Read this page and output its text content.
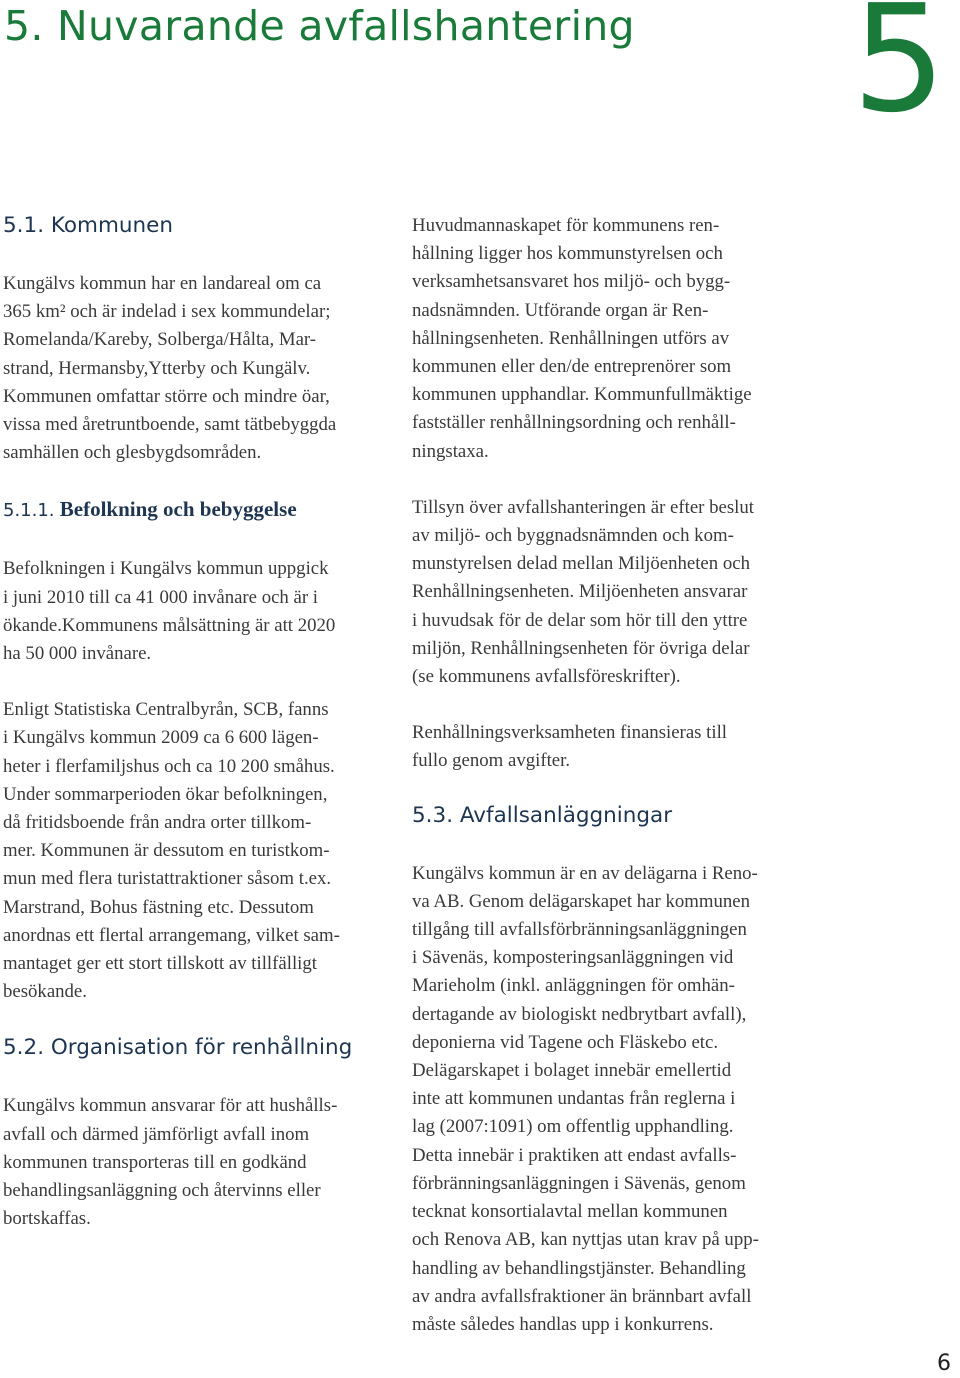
5. Nuvarande avfallshantering 5
5.1. Kommunen

Kungälvs kommun har en landareal om ca
365 km² och är indelad i sex kommundelar;
Romelanda/Kareby, Solberga/Hålta, Mar-
strand, Hermansby,Ytterby och Kungälv.
Kommunen omfattar större och mindre öar,
vissa med åretruntboende, samt tätbebyggda
samhällen och glesbygdsområden.

5.1.1. Befolkning och bebyggelse

Befolkningen i Kungälvs kommun uppgick
i juni 2010 till ca 41 000 invånare och är i
ökande.Kommunens målsättning är att 2020
ha 50 000 invånare.

Enligt Statistiska Centralbyrån, SCB, fanns
i Kungälvs kommun 2009 ca 6 600 lägen-
heter i flerfamiljshus och ca 10 200 småhus.
Under sommarperioden ökar befolkningen,
då fritidsboende från andra orter tillkom-
mer. Kommunen är dessutom en turistkom-
mun med flera turistattraktioner såsom t.ex.
Marstrand, Bohus fästning etc. Dessutom
anordnas ett flertal arrangemang, vilket sam-
mantaget ger ett stort tillskott av tillfälligt
besökande.

5.2. Organisation för renhållning

Kungälvs kommun ansvarar för att hushålls-
avfall och därmed jämförligt avfall inom
kommunen transporteras till en godkänd
behandlingsanläggning och återvinns eller
bortskaffas.

Huvudmannaskapet för kommunens ren-
hållning ligger hos kommunstyrelsen och
verksamhetsansvaret hos miljö- och bygg-
nadsnämnden. Utförande organ är Ren-
hållningsenheten. Renhållningen utförs av
kommunen eller den/de entreprenörer som
kommunen upphandlar. Kommunfullmäktige
fastställer renhållningsordning och renhåll-
ningstaxa.

Tillsyn över avfallshanteringen är efter beslut
av miljö- och byggnadsnämnden och kom-
munstyrelsen delad mellan Miljöenheten och
Renhållningsenheten. Miljöenheten ansvarar
i huvudsak för de delar som hör till den yttre
miljön, Renhållningsenheten för övriga delar
(se kommunens avfallsföreskrifter).

Renhållningsverksamheten finansieras till
fullo genom avgifter.

5.3. Avfallsanläggningar

Kungälvs kommun är en av delägarna i Reno-
va AB. Genom delägarskapet har kommunen
tillgång till avfallsförbränningsanläggningen
i Sävenäs, komposteringsanläggningen vid
Marieholm (inkl. anläggningen för omhän-
dertagande av biologiskt nedbrytbart avfall),
deponierna vid Tagene och Fläskebo etc.
Delägarskapet i bolaget innebär emellertid
inte att kommunen undantas från reglerna i
lag (2007:1091) om offentlig upphandling.
Detta innebär i praktiken att endast avfalls-
förbränningsanläggningen i Sävenäs, genom
tecknat konsortialavtal mellan kommunen
och Renova AB, kan nyttjas utan krav på upp-
handling av behandlingstjänster. Behandling
av andra avfallsfraktioner än brännbart avfall
måste således handlas upp i konkurrens.

6
